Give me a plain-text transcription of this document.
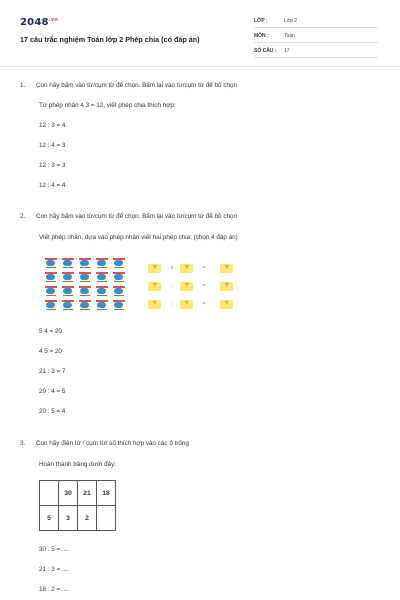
$2048^{.vn}$
17 câu trắc nghiệm Toán lớp 2 Phép chia (có đáp án)
LỚP :	Lớp 2
MÔN :	Toán
SỐ CÂU : 17
1. Con hãy bấm vào từ/cụm từ để chọn. Bấm lại vào từ/cụm từ để bỏ chọn
Từ phép nhân 4 3 = 12, viết phép chia thích hợp:
12 : 3 = 4
12 : 4 = 3
12 : 3 = 3
12 : 4 = 4
2. Con hãy bấm vào từ/cụm từ để chọn. Bấm lại vào từ/cụm từ để bỏ chọn
Viết phép nhân, dựa vào phép nhân viết hai phép chia: (chọn 4 đáp án)
?	x	?	=	?
?	:	?	=	?
?	:	?	=	?
5 4 = 20
4 5 = 20
21 : 3 = 7
20 : 4 = 5
20 : 5 = 4
3. Con hãy điền từ / cụm từ/ số thích hợp vào các ô trống
Hoàn thành bảng dưới đây:
	30	21	18
5	3	2	
30 : 5 = ....
21 : 3 = ....
18 : 2 = ....
